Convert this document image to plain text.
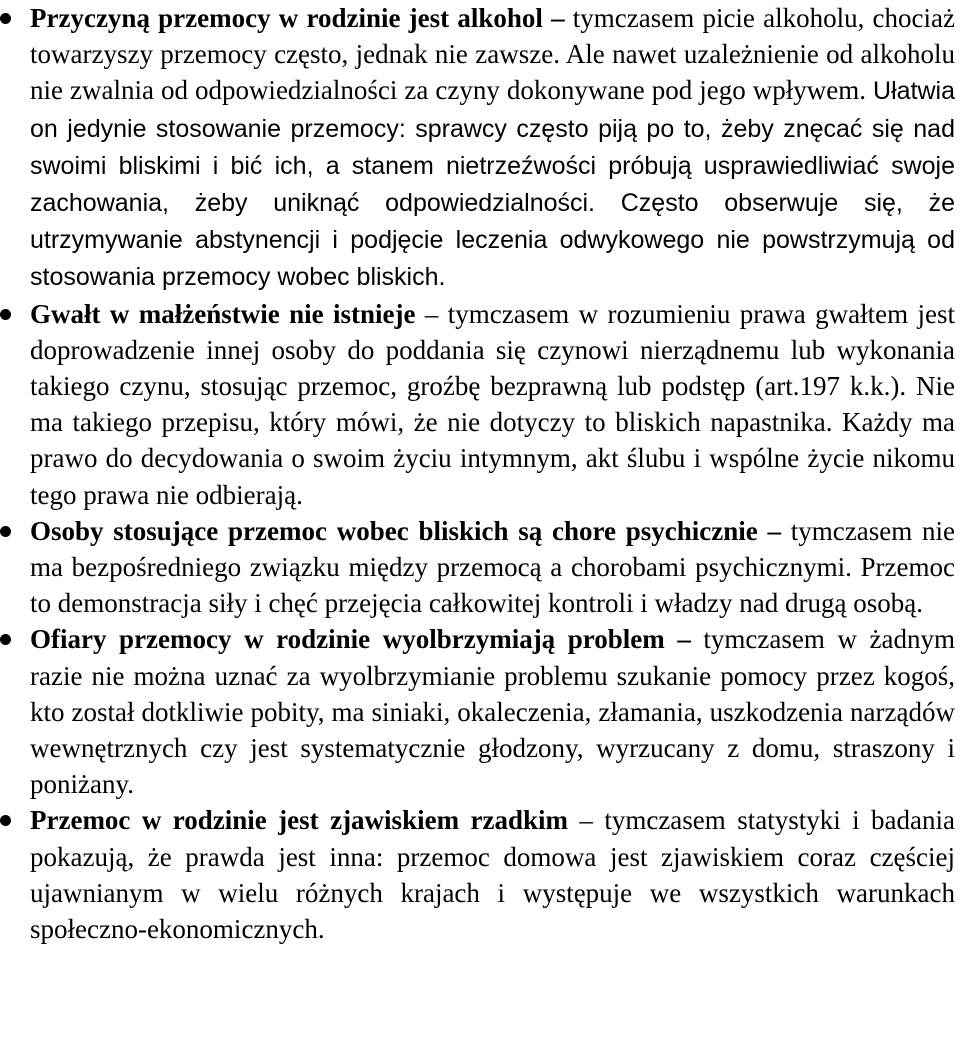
Przyczyną przemocy w rodzinie jest alkohol – tymczasem picie alkoholu, chociaż towarzyszy przemocy często, jednak nie zawsze. Ale nawet uzależnienie od alkoholu nie zwalnia od odpowiedzialności za czyny dokonywane pod jego wpływem. Ułatwia on jedynie stosowanie przemocy: sprawcy często piją po to, żeby znęcać się nad swoimi bliskimi i bić ich, a stanem nietrzeźwości próbują usprawiedliwiać swoje zachowania, żeby uniknąć odpowiedzialności. Często obserwuje się, że utrzymywanie abstynencji i podjęcie leczenia odwykowego nie powstrzymują od stosowania przemocy wobec bliskich.
Gwałt w małżeństwie nie istnieje – tymczasem w rozumieniu prawa gwałtem jest doprowadzenie innej osoby do poddania się czynowi nierządnemu lub wykonania takiego czynu, stosując przemoc, groźbę bezprawną lub podstęp (art.197 k.k.). Nie ma takiego przepisu, który mówi, że nie dotyczy to bliskich napastnika. Każdy ma prawo do decydowania o swoim życiu intymnym, akt ślubu i wspólne życie nikomu tego prawa nie odbierają.
Osoby stosujące przemoc wobec bliskich są chore psychicznie – tymczasem nie ma bezpośredniego związku między przemocą a chorobami psychicznymi. Przemoc to demonstracja siły i chęć przejęcia całkowitej kontroli i władzy nad drugą osobą.
Ofiary przemocy w rodzinie wyolbrzymiają problem – tymczasem w żadnym razie nie można uznać za wyolbrzymianie problemu szukanie pomocy przez kogoś, kto został dotkliwie pobity, ma siniaki, okaleczenia, złamania, uszkodzenia narządów wewnętrznych czy jest systematycznie głodzony, wyrzucany z domu, straszony i poniżany.
Przemoc w rodzinie jest zjawiskiem rzadkim – tymczasem statystyki i badania pokazują, że prawda jest inna: przemoc domowa jest zjawiskiem coraz częściej ujawnianym w wielu różnych krajach i występuje we wszystkich warunkach społeczno-ekonomicznych.
